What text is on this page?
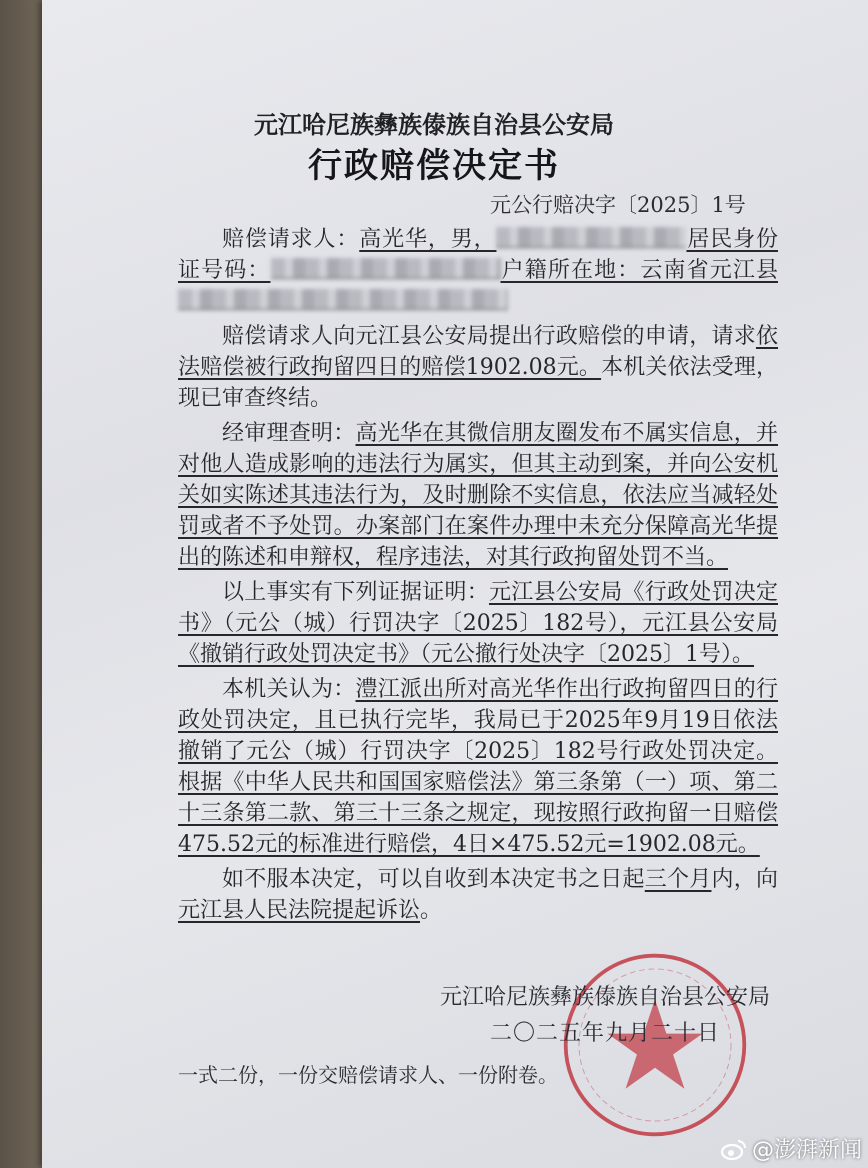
元江哈尼族彝族傣族自治县公安局
行政赔偿决定书
元公行赔决字〔2025〕1号

赔偿请求人：高光华，男，	居民身份证号码：	户籍所在地：云南省元江县

赔偿请求人向元江县公安局提出行政赔偿的申请，请求依法赔偿被行政拘留四日的赔偿1902.08元。本机关依法受理，现已审查终结。

经审理查明：高光华在其微信朋友圈发布不属实信息，并对他人造成影响的违法行为属实，但其主动到案，并向公安机关如实陈述其违法行为，及时删除不实信息，依法应当减轻处罚或者不予处罚。办案部门在案件办理中未充分保障高光华提出的陈述和申辩权，程序违法，对其行政拘留处罚不当。

以上事实有下列证据证明：元江县公安局《行政处罚决定书》（元公（城）行罚决字〔2025〕182号），元江县公安局《撤销行政处罚决定书》（元公撤行处决字〔2025〕1号）。

本机关认为：澧江派出所对高光华作出行政拘留四日的行政处罚决定，且已执行完毕，我局已于2025年9月19日依法撤销了元公（城）行罚决字〔2025〕182号行政处罚决定。根据《中华人民共和国国家赔偿法》第三条第（一）项、第二十三条第二款、第三十三条之规定，现按照行政拘留一日赔偿475.52元的标准进行赔偿，4日×475.52元=1902.08元。

如不服本决定，可以自收到本决定书之日起三个月内，向元江县人民法院提起诉讼。

元江哈尼族彝族傣族自治县公安局
二〇二五年九月二十日
一式二份，一份交赔偿请求人、一份附卷。
@澎湃新闻
